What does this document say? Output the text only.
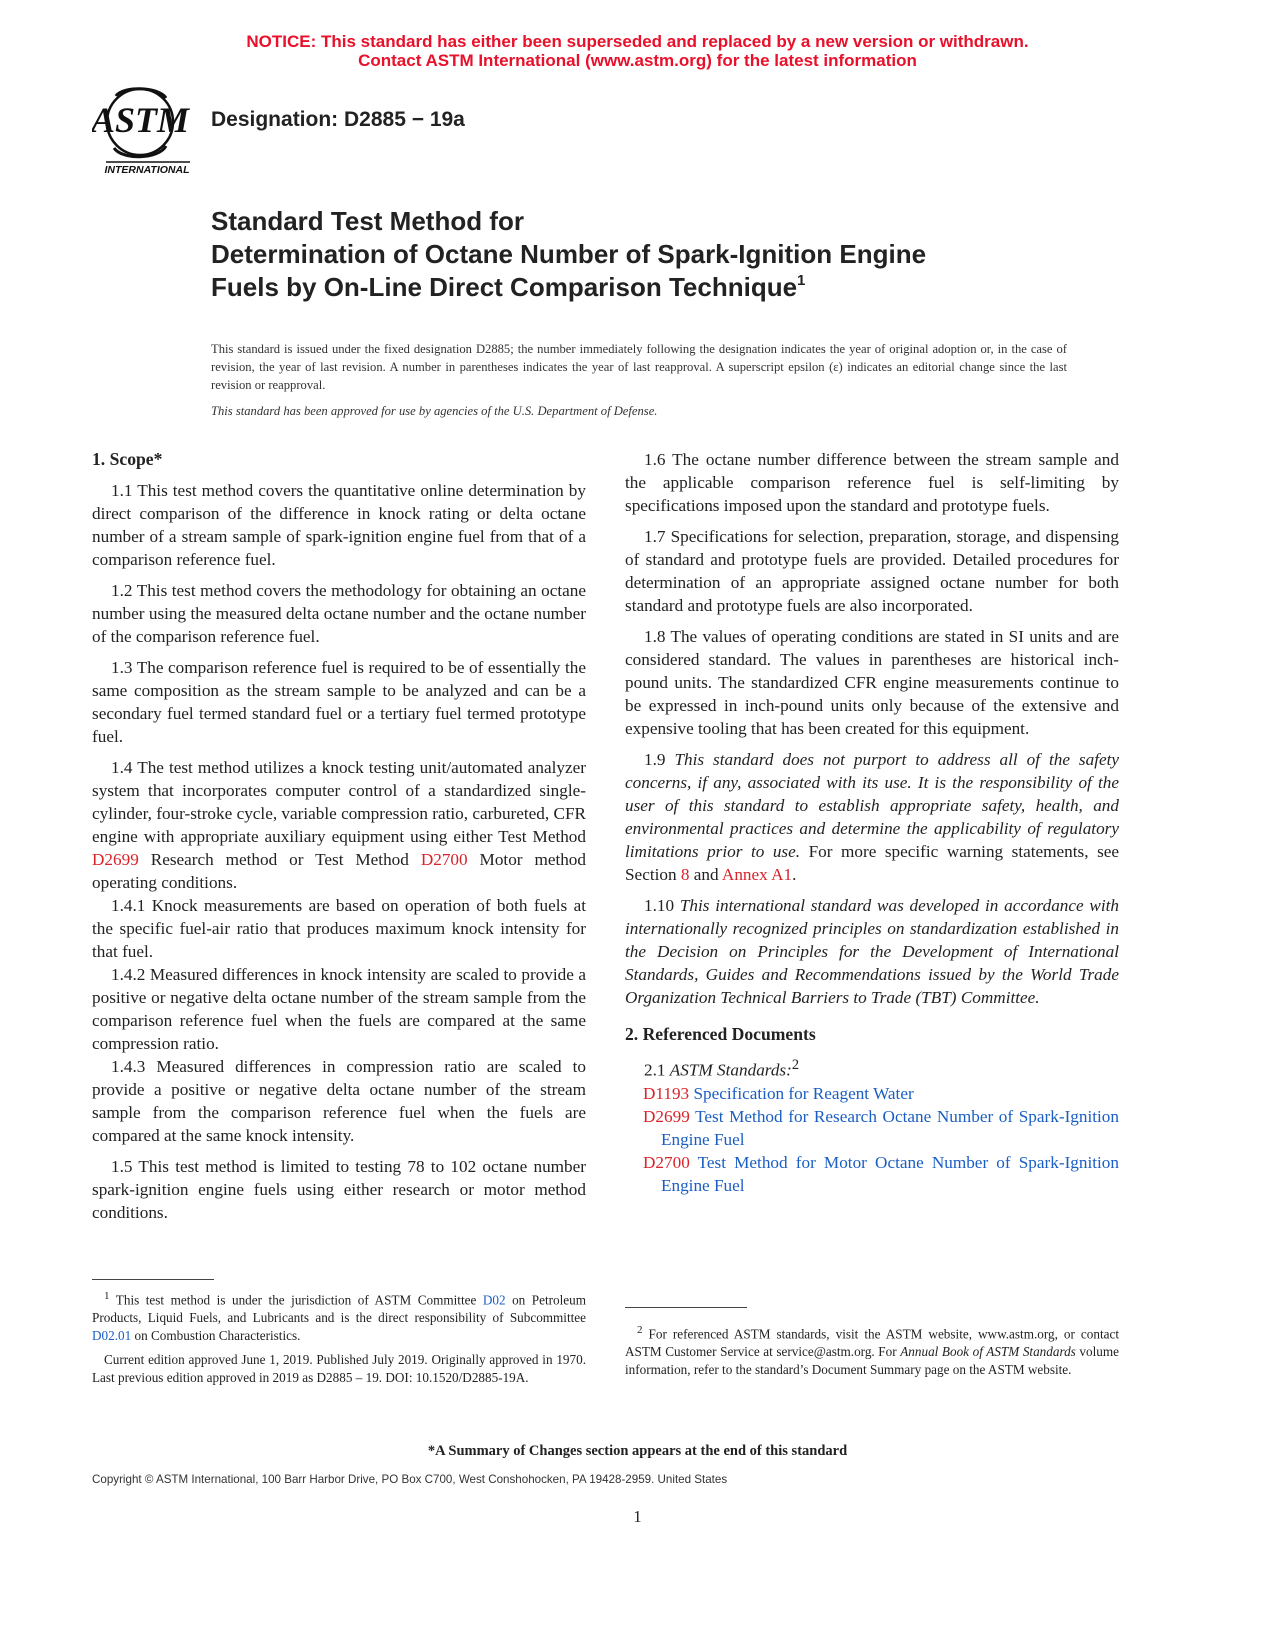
NOTICE: This standard has either been superseded and replaced by a new version or withdrawn.
Contact ASTM International (www.astm.org) for the latest information
ASTM
INTERNATIONAL
Designation: D2885 − 19a
Standard Test Method for
Determination of Octane Number of Spark-Ignition Engine
Fuels by On-Line Direct Comparison Technique$^1$
This standard is issued under the fixed designation D2885; the number immediately following the designation indicates the year of original adoption or, in the case of revision, the year of last revision. A number in parentheses indicates the year of last reapproval. A superscript epsilon (ε) indicates an editorial change since the last revision or reapproval.
This standard has been approved for use by agencies of the U.S. Department of Defense.
1. Scope*

1.1 This test method covers the quantitative online determination by direct comparison of the difference in knock rating or delta octane number of a stream sample of spark-ignition engine fuel from that of a comparison reference fuel.

1.2 This test method covers the methodology for obtaining an octane number using the measured delta octane number and the octane number of the comparison reference fuel.

1.3 The comparison reference fuel is required to be of essentially the same composition as the stream sample to be analyzed and can be a secondary fuel termed standard fuel or a tertiary fuel termed prototype fuel.

1.4 The test method utilizes a knock testing unit/automated analyzer system that incorporates computer control of a standardized single-cylinder, four-stroke cycle, variable compression ratio, carbureted, CFR engine with appropriate auxiliary equipment using either Test Method D2699 Research method or Test Method D2700 Motor method operating conditions.

1.4.1 Knock measurements are based on operation of both fuels at the specific fuel-air ratio that produces maximum knock intensity for that fuel.

1.4.2 Measured differences in knock intensity are scaled to provide a positive or negative delta octane number of the stream sample from the comparison reference fuel when the fuels are compared at the same compression ratio.

1.4.3 Measured differences in compression ratio are scaled to provide a positive or negative delta octane number of the stream sample from the comparison reference fuel when the fuels are compared at the same knock intensity.

1.5 This test method is limited to testing 78 to 102 octane number spark-ignition engine fuels using either research or motor method conditions.

$^1$ This test method is under the jurisdiction of ASTM Committee D02 on Petroleum Products, Liquid Fuels, and Lubricants and is the direct responsibility of Subcommittee D02.01 on Combustion Characteristics.

Current edition approved June 1, 2019. Published July 2019. Originally approved in 1970. Last previous edition approved in 2019 as D2885 – 19. DOI: 10.1520/D2885-19A.

1.6 The octane number difference between the stream sample and the applicable comparison reference fuel is self-limiting by specifications imposed upon the standard and prototype fuels.

1.7 Specifications for selection, preparation, storage, and dispensing of standard and prototype fuels are provided. Detailed procedures for determination of an appropriate assigned octane number for both standard and prototype fuels are also incorporated.

1.8 The values of operating conditions are stated in SI units and are considered standard. The values in parentheses are historical inch-pound units. The standardized CFR engine measurements continue to be expressed in inch-pound units only because of the extensive and expensive tooling that has been created for this equipment.

1.9 This standard does not purport to address all of the safety concerns, if any, associated with its use. It is the responsibility of the user of this standard to establish appropriate safety, health, and environmental practices and determine the applicability of regulatory limitations prior to use. For more specific warning statements, see Section 8 and Annex A1.

1.10 This international standard was developed in accordance with internationally recognized principles on standardization established in the Decision on Principles for the Development of International Standards, Guides and Recommendations issued by the World Trade Organization Technical Barriers to Trade (TBT) Committee.

2. Referenced Documents

2.1 ASTM Standards:$^2$

D1193 Specification for Reagent Water
D2699 Test Method for Research Octane Number of Spark-Ignition Engine Fuel
D2700 Test Method for Motor Octane Number of Spark-Ignition Engine Fuel

$^2$ For referenced ASTM standards, visit the ASTM website, www.astm.org, or contact ASTM Customer Service at service@astm.org. For Annual Book of ASTM Standards volume information, refer to the standard’s Document Summary page on the ASTM website.

*A Summary of Changes section appears at the end of this standard
Copyright © ASTM International, 100 Barr Harbor Drive, PO Box C700, West Conshohocken, PA 19428-2959. United States
1
